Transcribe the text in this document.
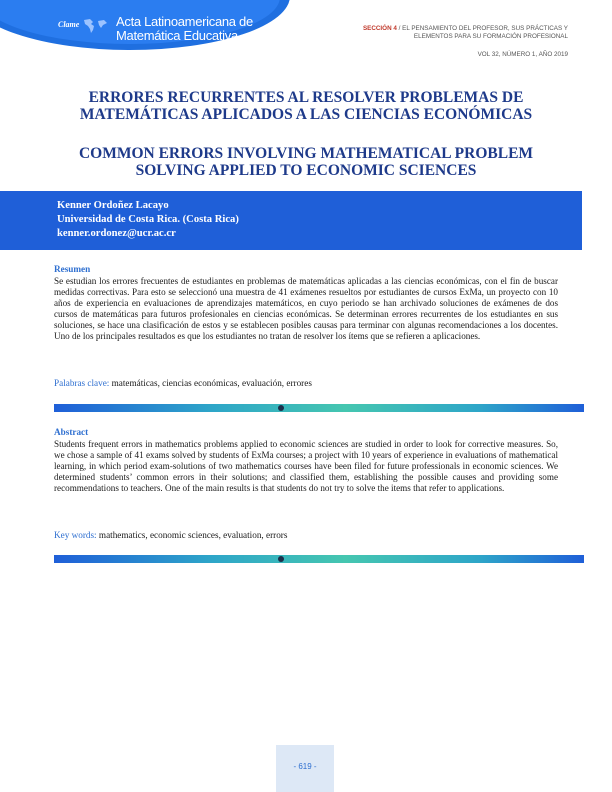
Clame	Acta Latinoamericana de
Matemática Educativa	SECCIÓN 4 / EL PENSAMIENTO DEL PROFESOR, SUS PRÁCTICAS Y
ELEMENTOS PARA SU FORMACIÓN PROFESIONAL
VOL 32, NÚMERO 1, AÑO 2019
ERRORES RECURRENTES AL RESOLVER PROBLEMAS DE
MATEMÁTICAS APLICADOS A LAS CIENCIAS ECONÓMICAS
COMMON ERRORS INVOLVING MATHEMATICAL PROBLEM
SOLVING APPLIED TO ECONOMIC SCIENCES
Kenner Ordoñez Lacayo
Universidad de Costa Rica. (Costa Rica)
kenner.ordonez@ucr.ac.cr
Resumen
Se estudian los errores frecuentes de estudiantes en problemas de matemáticas aplicadas a las ciencias económicas, con el fin de buscar medidas correctivas. Para esto se seleccionó una muestra de 41 exámenes resueltos por estudiantes de cursos ExMa, un proyecto con 10 años de experiencia en evaluaciones de aprendizajes matemáticos, en cuyo periodo se han archivado soluciones de exámenes de dos cursos de matemáticas para futuros profesionales en ciencias económicas. Se determinan errores recurrentes de los estudiantes en sus soluciones, se hace una clasificación de estos y se establecen posibles causas para terminar con algunas recomendaciones a los docentes. Uno de los principales resultados es que los estudiantes no tratan de resolver los ítems que se refieren a aplicaciones.
Palabras clave: matemáticas, ciencias económicas, evaluación, errores
Abstract
Students frequent errors in mathematics problems applied to economic sciences are studied in order to look for corrective measures. So, we chose a sample of 41 exams solved by students of ExMa courses; a project with 10 years of experience in evaluations of mathematical learning, in which period exam-solutions of two mathematics courses have been filed for future professionals in economic sciences. We determined students’ common errors in their solutions; and classified them, establishing the possible causes and providing some recommendations to teachers. One of the main results is that students do not try to solve the items that refer to applications.
Key words: mathematics, economic sciences, evaluation, errors
- 619 -
